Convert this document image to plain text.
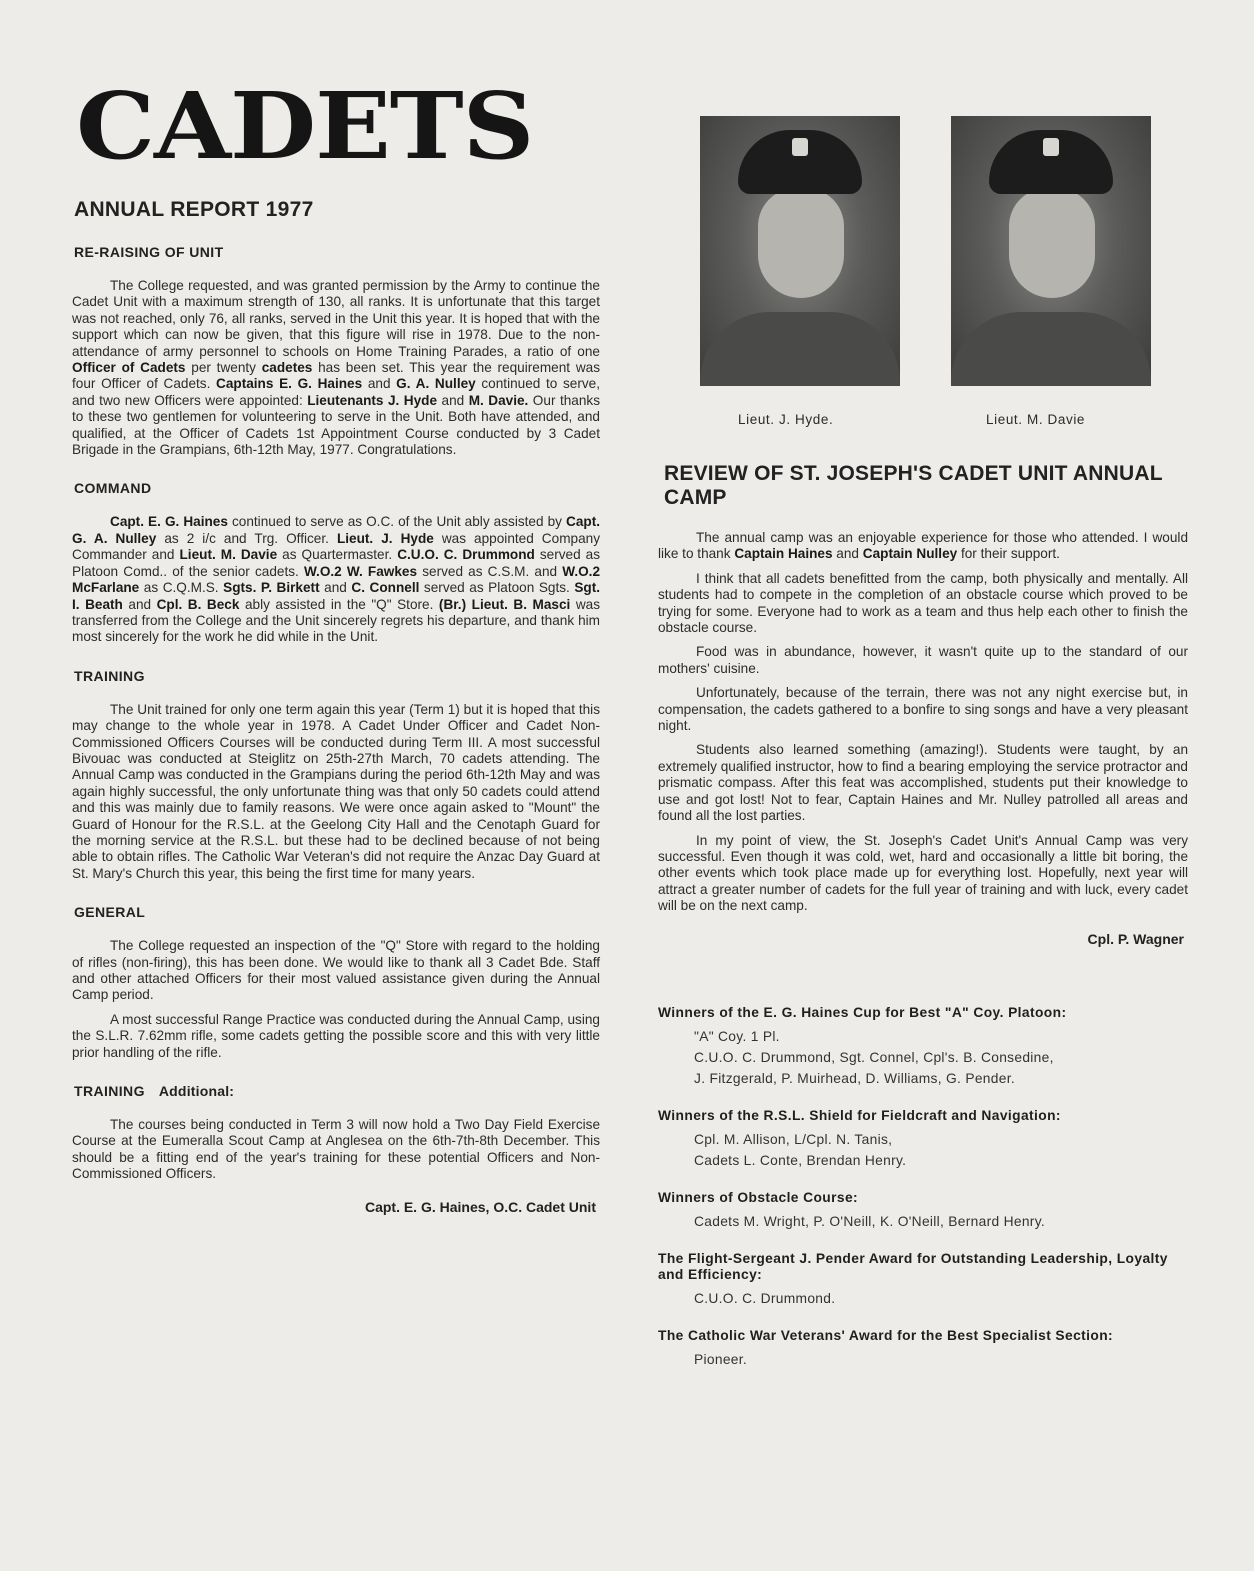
CADETS
ANNUAL REPORT 1977
RE-RAISING OF UNIT

The College requested, and was granted permission by the Army to continue the Cadet Unit with a maximum strength of 130, all ranks. It is unfortunate that this target was not reached, only 76, all ranks, served in the Unit this year. It is hoped that with the support which can now be given, that this figure will rise in 1978. Due to the non-attendance of army personnel to schools on Home Training Parades, a ratio of one Officer of Cadets per twenty cadetes has been set. This year the requirement was four Officer of Cadets. Captains E. G. Haines and G. A. Nulley continued to serve, and two new Officers were appointed: Lieutenants J. Hyde and M. Davie. Our thanks to these two gentlemen for volunteering to serve in the Unit. Both have attended, and qualified, at the Officer of Cadets 1st Appointment Course conducted by 3 Cadet Brigade in the Grampians, 6th-12th May, 1977. Congratulations.

COMMAND

Capt. E. G. Haines continued to serve as O.C. of the Unit ably assisted by Capt. G. A. Nulley as 2 i/c and Trg. Officer. Lieut. J. Hyde was appointed Company Commander and Lieut. M. Davie as Quartermaster. C.U.O. C. Drummond served as Platoon Comd.. of the senior cadets. W.O.2 W. Fawkes served as C.S.M. and W.O.2 McFarlane as C.Q.M.S. Sgts. P. Birkett and C. Connell served as Platoon Sgts. Sgt. I. Beath and Cpl. B. Beck ably assisted in the "Q" Store. (Br.) Lieut. B. Masci was transferred from the College and the Unit sincerely regrets his departure, and thank him most sincerely for the work he did while in the Unit.

TRAINING

The Unit trained for only one term again this year (Term 1) but it is hoped that this may change to the whole year in 1978. A Cadet Under Officer and Cadet Non-Commissioned Officers Courses will be conducted during Term III. A most successful Bivouac was conducted at Steiglitz on 25th-27th March, 70 cadets attending. The Annual Camp was conducted in the Grampians during the period 6th-12th May and was again highly successful, the only unfortunate thing was that only 50 cadets could attend and this was mainly due to family reasons. We were once again asked to "Mount" the Guard of Honour for the R.S.L. at the Geelong City Hall and the Cenotaph Guard for the morning service at the R.S.L. but these had to be declined because of not being able to obtain rifles. The Catholic War Veteran's did not require the Anzac Day Guard at St. Mary's Church this year, this being the first time for many years.

GENERAL

The College requested an inspection of the "Q" Store with regard to the holding of rifles (non-firing), this has been done. We would like to thank all 3 Cadet Bde. Staff and other attached Officers for their most valued assistance given during the Annual Camp period.

A most successful Range Practice was conducted during the Annual Camp, using the S.L.R. 7.62mm rifle, some cadets getting the possible score and this with very little prior handling of the rifle.

TRAINING Additional:

The courses being conducted in Term 3 will now hold a Two Day Field Exercise Course at the Eumeralla Scout Camp at Anglesea on the 6th-7th-8th December. This should be a fitting end of the year's training for these potential Officers and Non-Commissioned Officers.

Capt. E. G. Haines, O.C. Cadet Unit
Lieut. J. Hyde.	Lieut. M. Davie
REVIEW OF ST. JOSEPH'S CADET UNIT ANNUAL CAMP

The annual camp was an enjoyable experience for those who attended. I would like to thank Captain Haines and Captain Nulley for their support.

I think that all cadets benefitted from the camp, both physically and mentally. All students had to compete in the completion of an obstacle course which proved to be trying for some. Everyone had to work as a team and thus help each other to finish the obstacle course.

Food was in abundance, however, it wasn't quite up to the standard of our mothers' cuisine.

Unfortunately, because of the terrain, there was not any night exercise but, in compensation, the cadets gathered to a bonfire to sing songs and have a very pleasant night.

Students also learned something (amazing!). Students were taught, by an extremely qualified instructor, how to find a bearing employing the service protractor and prismatic compass. After this feat was accomplished, students put their knowledge to use and got lost! Not to fear, Captain Haines and Mr. Nulley patrolled all areas and found all the lost parties.

In my point of view, the St. Joseph's Cadet Unit's Annual Camp was very successful. Even though it was cold, wet, hard and occasionally a little bit boring, the other events which took place made up for everything lost. Hopefully, next year will attract a greater number of cadets for the full year of training and with luck, every cadet will be on the next camp.

Cpl. P. Wagner
Winners of the E. G. Haines Cup for Best "A" Coy. Platoon:
"A" Coy. 1 Pl.
C.U.O. C. Drummond, Sgt. Connel, Cpl's. B. Consedine,
J. Fitzgerald, P. Muirhead, D. Williams, G. Pender.
Winners of the R.S.L. Shield for Fieldcraft and Navigation:
Cpl. M. Allison, L/Cpl. N. Tanis,
Cadets L. Conte, Brendan Henry.
Winners of Obstacle Course:
Cadets M. Wright, P. O'Neill, K. O'Neill, Bernard Henry.
The Flight-Sergeant J. Pender Award for Outstanding Leadership, Loyalty and Efficiency:
C.U.O. C. Drummond.
The Catholic War Veterans' Award for the Best Specialist Section:
Pioneer.
